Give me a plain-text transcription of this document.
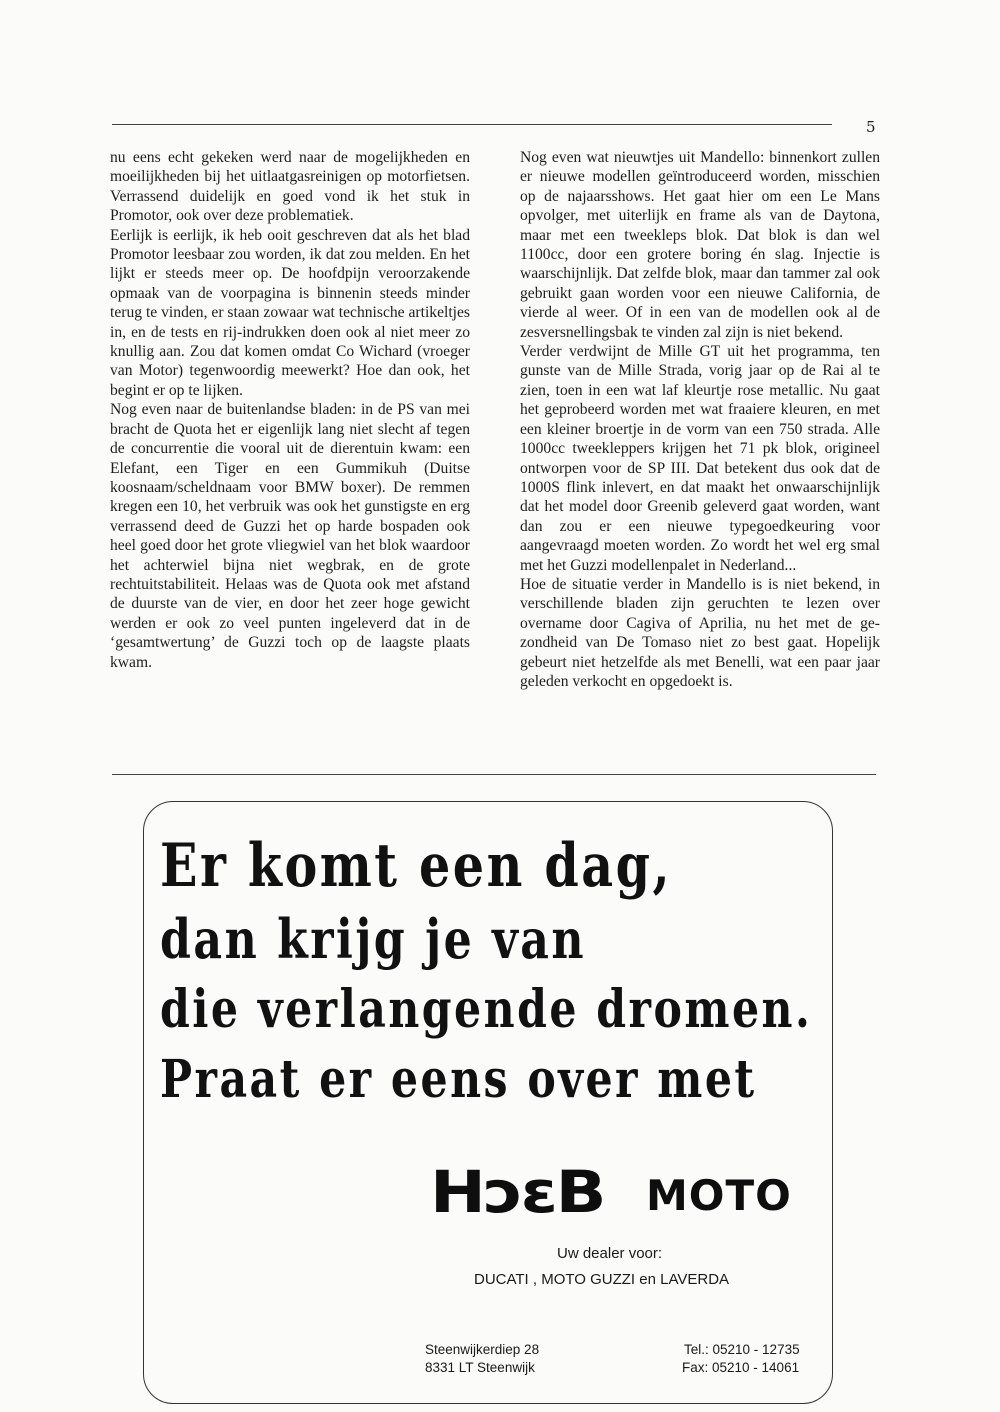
5

nu eens echt gekeken werd naar de mogelijkheden en moeilijkheden bij het uitlaatgasreinigen op motorfietsen. Verrassend duidelijk en goed vond ik het stuk in Promotor, ook over deze problematiek.

Eerlijk is eerlijk, ik heb ooit geschreven dat als het blad Promotor leesbaar zou worden, ik dat zou melden. En het lijkt er steeds meer op. De hoofdpijn veroorzakende opmaak van de voorpagina is binnenin steeds minder terug te vinden, er staan zowaar wat technische artikeltjes in, en de tests en rij-indrukken doen ook al niet meer zo knullig aan. Zou dat komen omdat Co Wichard (vroeger van Motor) tegenwoordig meewerkt? Hoe dan ook, het begint er op te lijken.

Nog even naar de buitenlandse bladen: in de PS van mei bracht de Quota het er eigenlijk lang niet slecht af tegen de concurrentie die vooral uit de dierentuin kwam: een Elefant, een Tiger en een Gummikuh (Duitse koosnaam/scheldnaam voor BMW boxer). De remmen kregen een 10, het verbruik was ook het gunstigste en erg verrassend deed de Guzzi het op harde bospaden ook heel goed door het grote vliegwiel van het blok waardoor het achterwiel bijna niet wegbrak, en de grote rechtuitstabiliteit. Helaas was de Quota ook met afstand de duurste van de vier, en door het zeer hoge gewicht werden er ook zo veel punten ingeleverd dat in de ‘gesamtwertung’ de Guzzi toch op de laagste plaats kwam.

Nog even wat nieuwtjes uit Mandello: binnenkort zullen er nieuwe modellen geïntroduceerd worden, misschien op de najaarsshows. Het gaat hier om een Le Mans opvolger, met uiterlijk en frame als van de Daytona, maar met een tweekleps blok. Dat blok is dan wel 1100cc, door een grotere boring én slag. Injectie is waarschijnlijk. Dat zelfde blok, maar dan tammer zal ook gebruikt gaan worden voor een nieuwe California, de vierde al weer. Of in een van de modellen ook al de zesversnellingsbak te vinden zal zijn is niet bekend.

Verder verdwijnt de Mille GT uit het programma, ten gunste van de Mille Strada, vorig jaar op de Rai al te zien, toen in een wat laf kleurtje rose metallic. Nu gaat het geprobeerd worden met wat fraaiere kleuren, en met een kleiner broertje in de vorm van een 750 strada. Alle 1000cc tweekleppers krijgen het 71 pk blok, origineel ontworpen voor de SP III. Dat betekent dus ook dat de 1000S flink inlevert, en dat maakt het onwaarschijnlijk dat het model door Greenib geleverd gaat worden, want dan zou er een nieuwe typegoedkeuring voor aangevraagd moeten worden. Zo wordt het wel erg smal met het Guzzi modellenpalet in Nederland...

Hoe de situatie verder in Mandello is is niet bekend, in verschillende bladen zijn geruchten te lezen over overname door Cagiva of Aprilia, nu het met de gezondheid van De Tomaso niet zo best gaat. Hopelijk gebeurt niet hetzelfde als met Benelli, wat een paar jaar geleden verkocht en opgedoekt is.

Er komt een dag,
dan krijg je van
die verlangende dromen.
Praat er eens over met
HɔεB MOTO
Uw dealer voor:
DUCATI , MOTO GUZZI en LAVERDA
Steenwijkerdiep 28
8331 LT Steenwijk
Tel.: 05210 - 12735
Fax: 05210 - 14061
